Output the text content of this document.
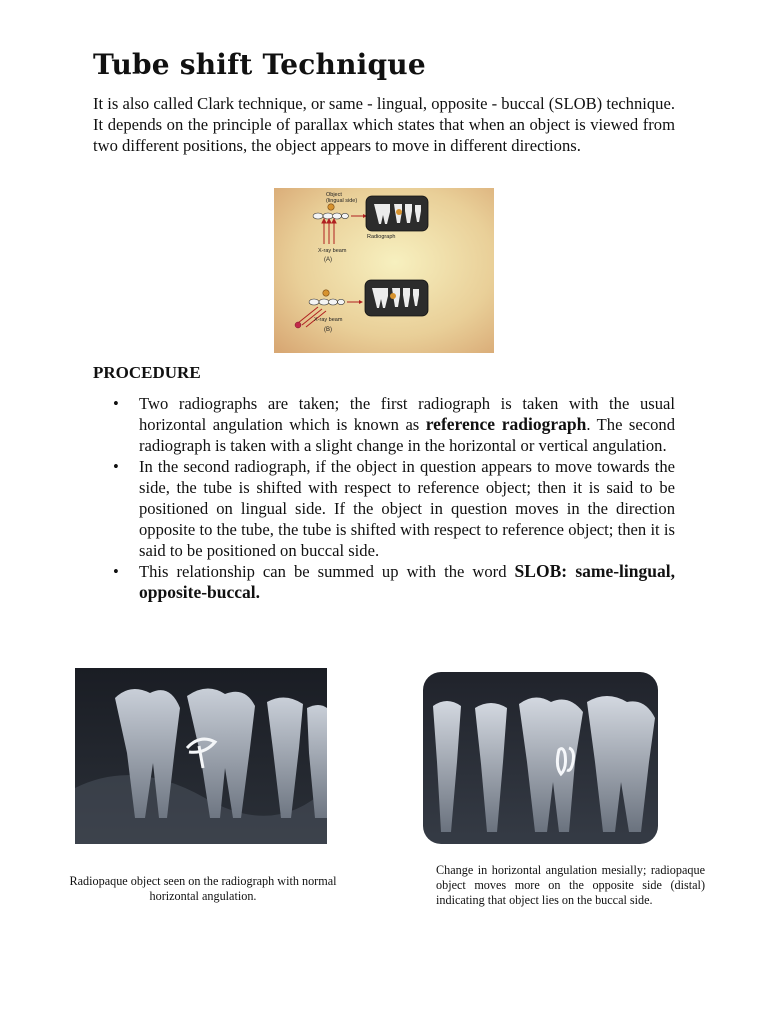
Tube shift Technique

It is also called Clark technique, or same - lingual, opposite - buccal (SLOB) technique. It depends on the principle of parallax which states that when an object is viewed from two different positions, the object appears to move in different directions.

Object
(lingual side)
X-ray beam
(A)
Radiograph
X-ray beam
(B)
PROCEDURE
• Two radiographs are taken; the first radiograph is taken with the usual horizontal angulation which is known as reference radiograph. The second radiograph is taken with a slight change in the horizontal or vertical angulation.
• In the second radiograph, if the object in question appears to move towards the side, the tube is shifted with respect to reference object; then it is said to be positioned on lingual side. If the object in question moves in the direction opposite to the tube, the tube is shifted with respect to reference object; then it is said to be positioned on buccal side.
• This relationship can be summed up with the word SLOB: same-lingual, opposite-buccal.
Radiopaque object seen on the radiograph with normal horizontal angulation.
Change in horizontal angulation mesially; radiopaque object moves more on the opposite side (distal) indicating that object lies on the buccal side.
